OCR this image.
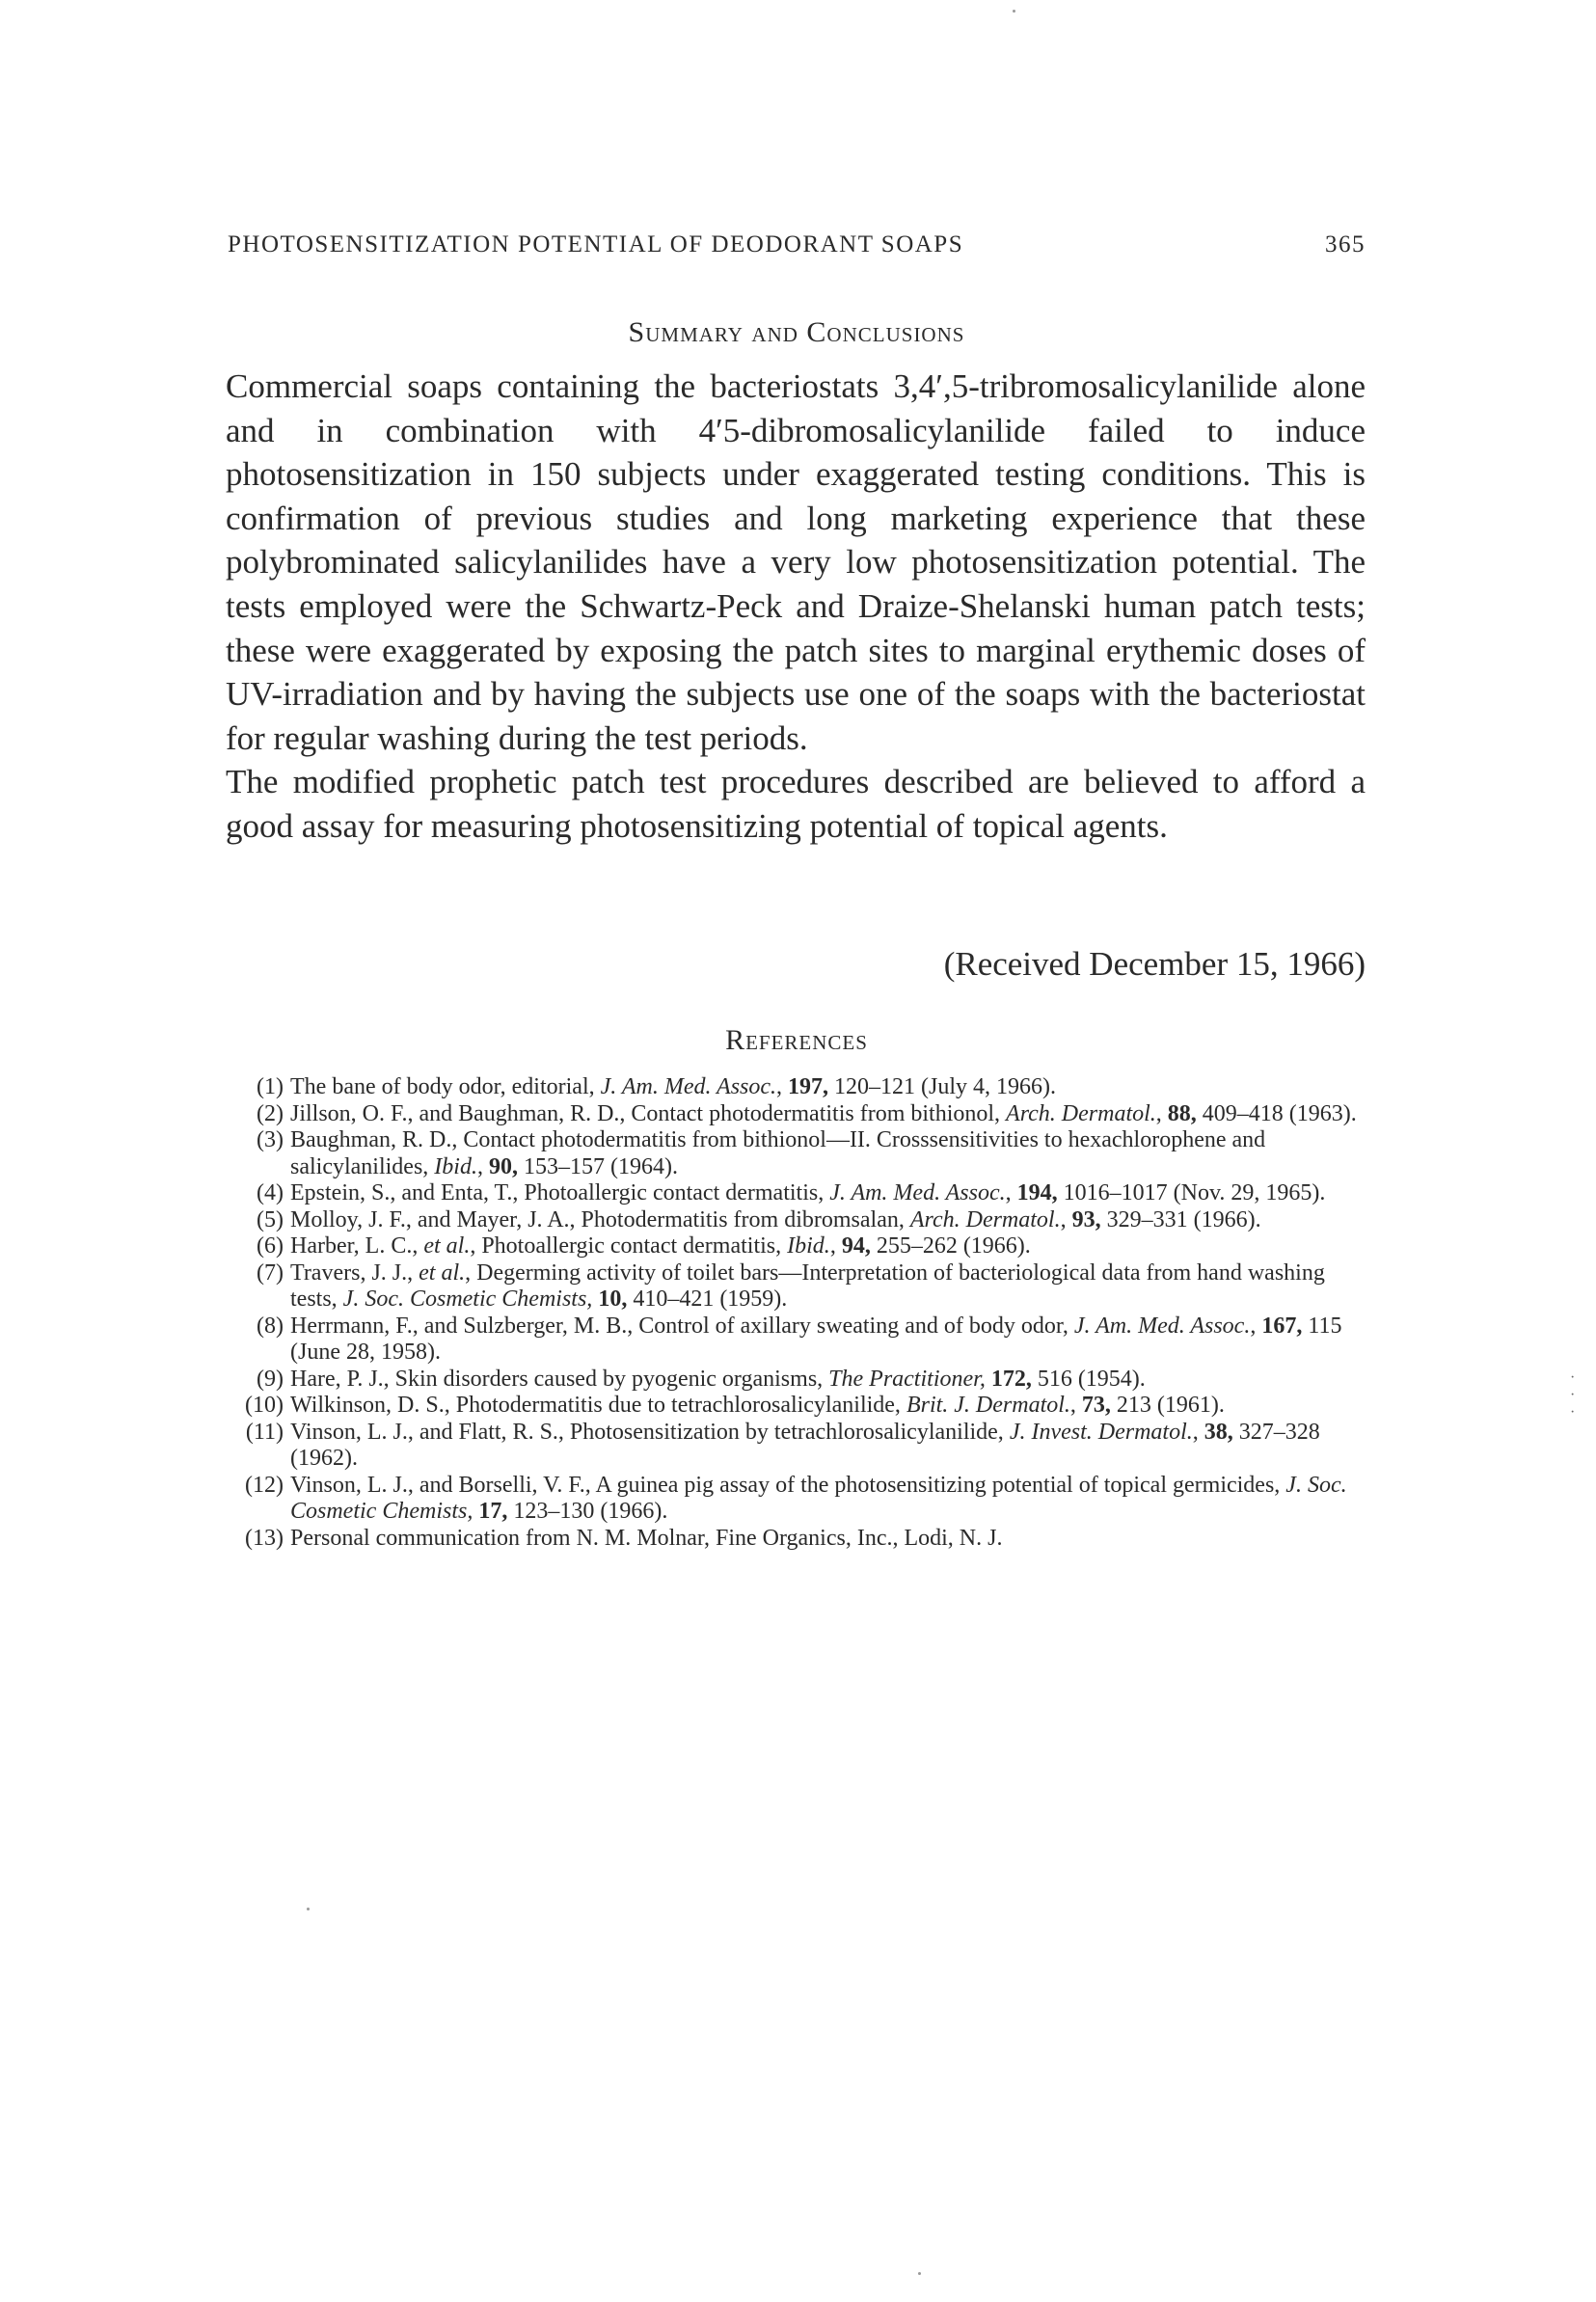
PHOTOSENSITIZATION POTENTIAL OF DEODORANT SOAPS	365
Summary and Conclusions

Commercial soaps containing the bacteriostats 3,4′,5-tribromosalicylanilide alone and in combination with 4′5-dibromosalicylanilide failed to induce photosensitization in 150 subjects under exaggerated testing conditions. This is confirmation of previous studies and long marketing experience that these polybrominated salicylanilides have a very low photosensitization potential. The tests employed were the Schwartz-Peck and Draize-Shelanski human patch tests; these were exaggerated by exposing the patch sites to marginal erythemic doses of UV-irradiation and by having the subjects use one of the soaps with the bacteriostat for regular washing during the test periods.

The modified prophetic patch test procedures described are believed to afford a good assay for measuring photosensitizing potential of topical agents.

(Received December 15, 1966)
References
(1) The bane of body odor, editorial, J. Am. Med. Assoc., 197, 120–121 (July 4, 1966).
(2) Jillson, O. F., and Baughman, R. D., Contact photodermatitis from bithionol, Arch. Dermatol., 88, 409–418 (1963).
(3) Baughman, R. D., Contact photodermatitis from bithionol—II. Crosssensitivities to hexachlorophene and salicylanilides, Ibid., 90, 153–157 (1964).
(4) Epstein, S., and Enta, T., Photoallergic contact dermatitis, J. Am. Med. Assoc., 194, 1016–1017 (Nov. 29, 1965).
(5) Molloy, J. F., and Mayer, J. A., Photodermatitis from dibromsalan, Arch. Dermatol., 93, 329–331 (1966).
(6) Harber, L. C., et al., Photoallergic contact dermatitis, Ibid., 94, 255–262 (1966).
(7) Travers, J. J., et al., Degerming activity of toilet bars—Interpretation of bacteriological data from hand washing tests, J. Soc. Cosmetic Chemists, 10, 410–421 (1959).
(8) Herrmann, F., and Sulzberger, M. B., Control of axillary sweating and of body odor, J. Am. Med. Assoc., 167, 115 (June 28, 1958).
(9) Hare, P. J., Skin disorders caused by pyogenic organisms, The Practitioner, 172, 516 (1954).
(10) Wilkinson, D. S., Photodermatitis due to tetrachlorosalicylanilide, Brit. J. Dermatol., 73, 213 (1961).
(11) Vinson, L. J., and Flatt, R. S., Photosensitization by tetrachlorosalicylanilide, J. Invest. Dermatol., 38, 327–328 (1962).
(12) Vinson, L. J., and Borselli, V. F., A guinea pig assay of the photosensitizing potential of topical germicides, J. Soc. Cosmetic Chemists, 17, 123–130 (1966).
(13) Personal communication from N. M. Molnar, Fine Organics, Inc., Lodi, N. J.
·
·
·
